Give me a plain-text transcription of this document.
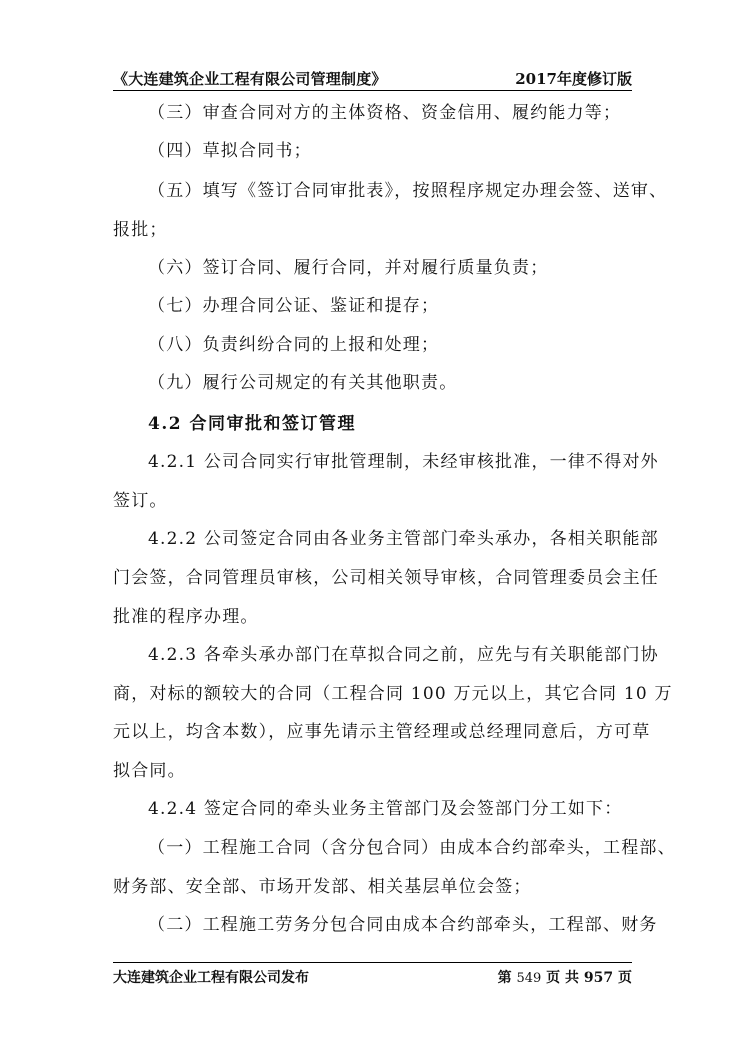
《大连建筑企业工程有限公司管理制度》	2017年度修订版
（三）审查合同对方的主体资格、资金信用、履约能力等；
（四）草拟合同书；
（五）填写《签订合同审批表》，按照程序规定办理会签、送审、
报批；
（六）签订合同、履行合同，并对履行质量负责；
（七）办理合同公证、鉴证和提存；
（八）负责纠纷合同的上报和处理；
（九）履行公司规定的有关其他职责。
4.2 合同审批和签订管理
4.2.1 公司合同实行审批管理制，未经审核批准，一律不得对外
签订。
4.2.2 公司签定合同由各业务主管部门牵头承办，各相关职能部
门会签，合同管理员审核，公司相关领导审核，合同管理委员会主任
批准的程序办理。
4.2.3 各牵头承办部门在草拟合同之前，应先与有关职能部门协
商，对标的额较大的合同（工程合同 100 万元以上，其它合同 10 万
元以上，均含本数），应事先请示主管经理或总经理同意后，方可草
拟合同。
4.2.4 签定合同的牵头业务主管部门及会签部门分工如下：
（一）工程施工合同（含分包合同）由成本合约部牵头，工程部、
财务部、安全部、市场开发部、相关基层单位会签；
（二）工程施工劳务分包合同由成本合约部牵头，工程部、财务
大连建筑企业工程有限公司发布	第 549 页 共 957 页
